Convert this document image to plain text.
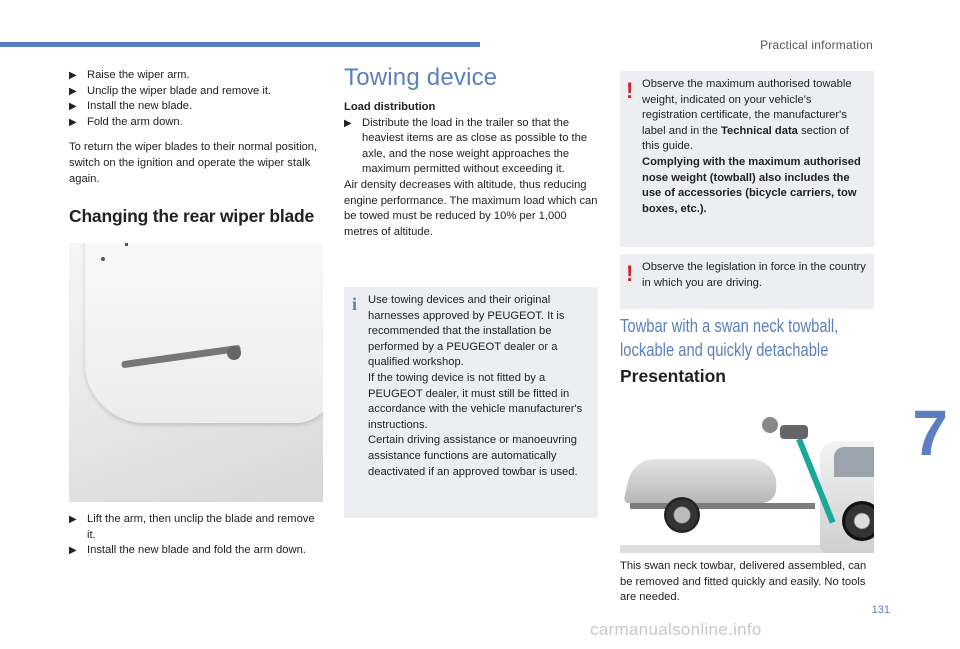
Practical information
7
131
▶ Raise the wiper arm.
▶ Unclip the wiper blade and remove it.
▶ Install the new blade.
▶ Fold the arm down.

To return the wiper blades to their normal position, switch on the ignition and operate the wiper stalk again.

Changing the rear wiper blade
▶ Lift the arm, then unclip the blade and remove it.
▶ Install the new blade and fold the arm down.
Towing device

Load distribution

▶ Distribute the load in the trailer so that the heaviest items are as close as possible to the axle, and the nose weight approaches the maximum permitted without exceeding it.

Air density decreases with altitude, thus reducing engine performance. The maximum load which can be towed must be reduced by 10% per 1,000 metres of altitude.

i Use towing devices and their original harnesses approved by PEUGEOT. It is recommended that the installation be performed by a PEUGEOT dealer or a qualified workshop.

If the towing device is not fitted by a PEUGEOT dealer, it must still be fitted in accordance with the vehicle manufacturer's instructions.

Certain driving assistance or manoeuvring assistance functions are automatically deactivated if an approved towbar is used.

! Observe the maximum authorised towable weight, indicated on your vehicle's registration certificate, the manufacturer's label and in the Technical data section of this guide.

Complying with the maximum authorised nose weight (towball) also includes the use of accessories (bicycle carriers, tow boxes, etc.).

! Observe the legislation in force in the country in which you are driving.

Towbar with a swan neck towball, lockable and quickly detachable
Presentation

This swan neck towbar, delivered assembled, can be removed and fitted quickly and easily. No tools are needed.

carmanualsonline.info
